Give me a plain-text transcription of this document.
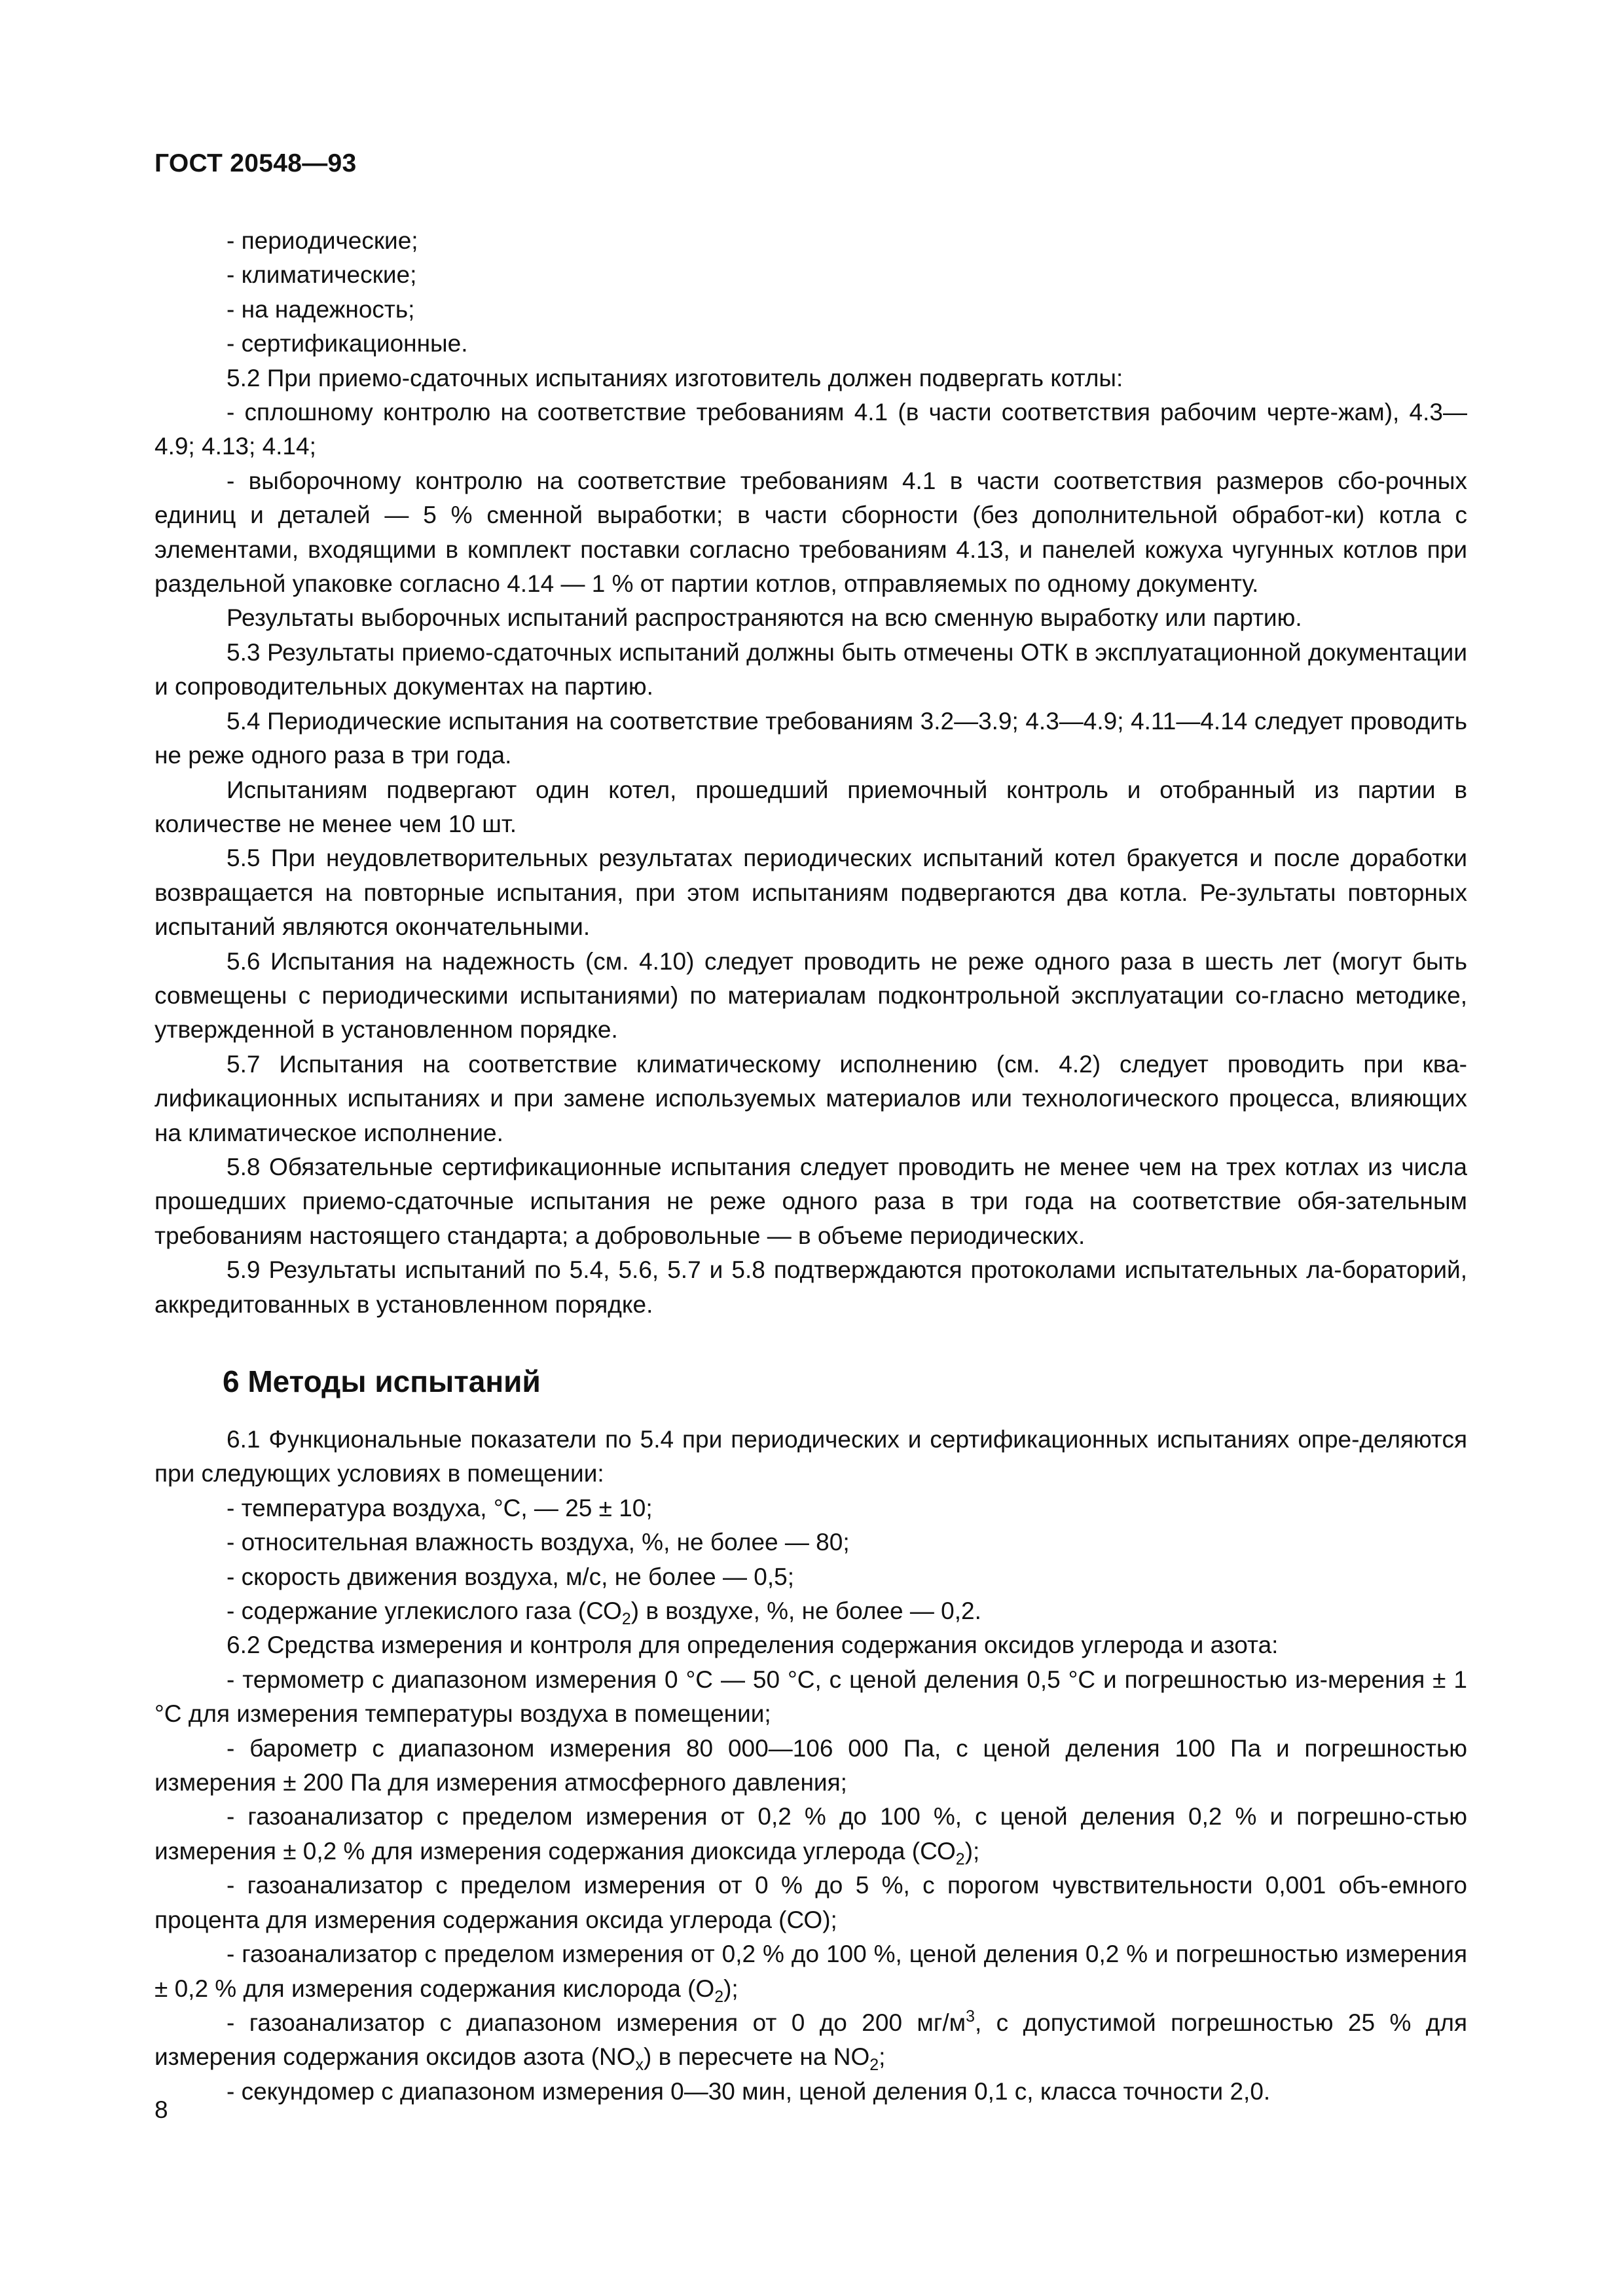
ГОСТ 20548—93

- периодические;

- климатические;

- на надежность;

- сертификационные.

5.2 При приемо-сдаточных испытаниях изготовитель должен подвергать котлы:

- сплошному контролю на соответствие требованиям 4.1 (в части соответствия рабочим черте-жам), 4.3—4.9; 4.13; 4.14;

- выборочному контролю на соответствие требованиям 4.1 в части соответствия размеров сбо-рочных единиц и деталей — 5 % сменной выработки; в части сборности (без дополнительной обработ-ки) котла с элементами, входящими в комплект поставки согласно требованиям 4.13, и панелей кожуха чугунных котлов при раздельной упаковке согласно 4.14 — 1 % от партии котлов, отправляемых по одному документу.

Результаты выборочных испытаний распространяются на всю сменную выработку или партию.

5.3 Результаты приемо-сдаточных испытаний должны быть отмечены ОТК в эксплуатационной документации и сопроводительных документах на партию.

5.4 Периодические испытания на соответствие требованиям 3.2—3.9; 4.3—4.9; 4.11—4.14 следует проводить не реже одного раза в три года.

Испытаниям подвергают один котел, прошедший приемочный контроль и отобранный из партии в количестве не менее чем 10 шт.

5.5 При неудовлетворительных результатах периодических испытаний котел бракуется и после доработки возвращается на повторные испытания, при этом испытаниям подвергаются два котла. Ре-зультаты повторных испытаний являются окончательными.

5.6 Испытания на надежность (см. 4.10) следует проводить не реже одного раза в шесть лет (могут быть совмещены с периодическими испытаниями) по материалам подконтрольной эксплуатации со-гласно методике, утвержденной в установленном порядке.

5.7 Испытания на соответствие климатическому исполнению (см. 4.2) следует проводить при ква-лификационных испытаниях и при замене используемых материалов или технологического процесса, влияющих на климатическое исполнение.

5.8 Обязательные сертификационные испытания следует проводить не менее чем на трех котлах из числа прошедших приемо-сдаточные испытания не реже одного раза в три года на соответствие обя-зательным требованиям настоящего стандарта; а добровольные — в объеме периодических.

5.9 Результаты испытаний по 5.4, 5.6, 5.7 и 5.8 подтверждаются протоколами испытательных ла-бораторий, аккредитованных в установленном порядке.

6 Методы испытаний

6.1 Функциональные показатели по 5.4 при периодических и сертификационных испытаниях опре-деляются при следующих условиях в помещении:

- температура воздуха, °С, — 25 ± 10;

- относительная влажность воздуха, %, не более — 80;

- скорость движения воздуха, м/с, не более — 0,5;

- содержание углекислого газа $(СО_2)$ в воздухе, %, не более — 0,2.

6.2 Средства измерения и контроля для определения содержания оксидов углерода и азота:

- термометр с диапазоном измерения 0 °С — 50 °С, с ценой деления 0,5 °С и погрешностью из-мерения ± 1 °С для измерения температуры воздуха в помещении;

- барометр с диапазоном измерения 80 000—106 000 Па, с ценой деления 100 Па и погрешностью измерения ± 200 Па для измерения атмосферного давления;

- газоанализатор с пределом измерения от 0,2 % до 100 %, с ценой деления 0,2 % и погрешно-стью измерения ± 0,2 % для измерения содержания диоксида углерода $(СО_2)$;

- газоанализатор с пределом измерения от 0 % до 5 %, с порогом чувствительности 0,001 объ-емного процента для измерения содержания оксида углерода (СО);

- газоанализатор с пределом измерения от 0,2 % до 100 %, ценой деления 0,2 % и погрешностью измерения ± 0,2 % для измерения содержания кислорода $(О_2)$;

- газоанализатор с диапазоном измерения от 0 до 200 $мг/м^3$, с допустимой погрешностью 25 % для измерения содержания оксидов азота $(NO_x)$ в пересчете на $NO_2$;

- секундомер с диапазоном измерения 0—30 мин, ценой деления 0,1 с, класса точности 2,0.

8
